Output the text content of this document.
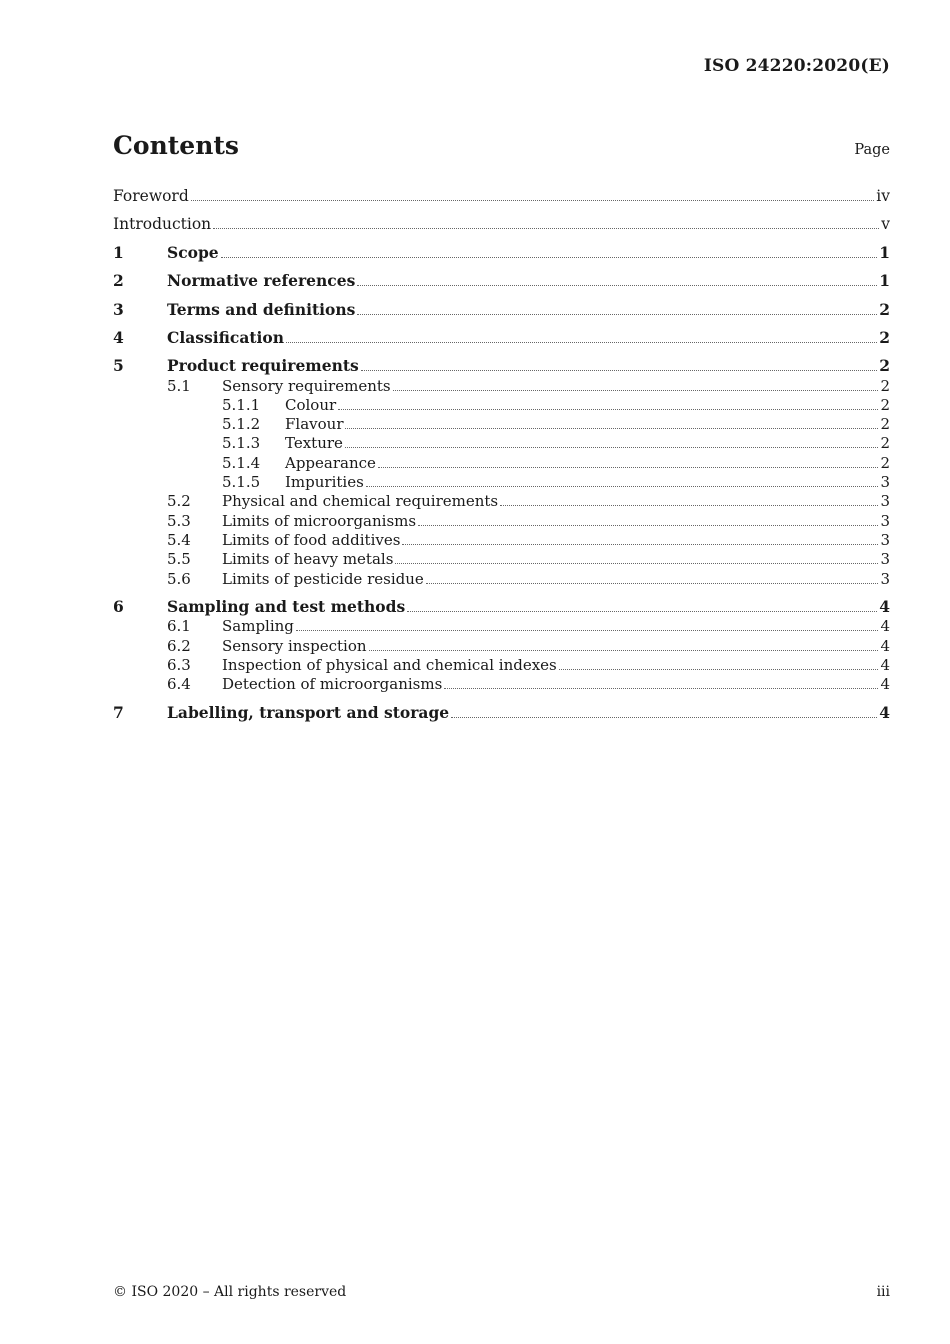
ISO 24220:2020(E)
Contents	Page
Foreword	iv
Introduction	v
1	Scope	1
2	Normative references	1
3	Terms and definitions	2
4	Classification	2
5	Product requirements	2
5.1	Sensory requirements	2
5.1.1	Colour	2
5.1.2	Flavour	2
5.1.3	Texture	2
5.1.4	Appearance	2
5.1.5	Impurities	3
5.2	Physical and chemical requirements	3
5.3	Limits of microorganisms	3
5.4	Limits of food additives	3
5.5	Limits of heavy metals	3
5.6	Limits of pesticide residue	3
6	Sampling and test methods	4
6.1	Sampling	4
6.2	Sensory inspection	4
6.3	Inspection of physical and chemical indexes	4
6.4	Detection of microorganisms	4
7	Labelling, transport and storage	4
© ISO 2020 – All rights reserved	iii
